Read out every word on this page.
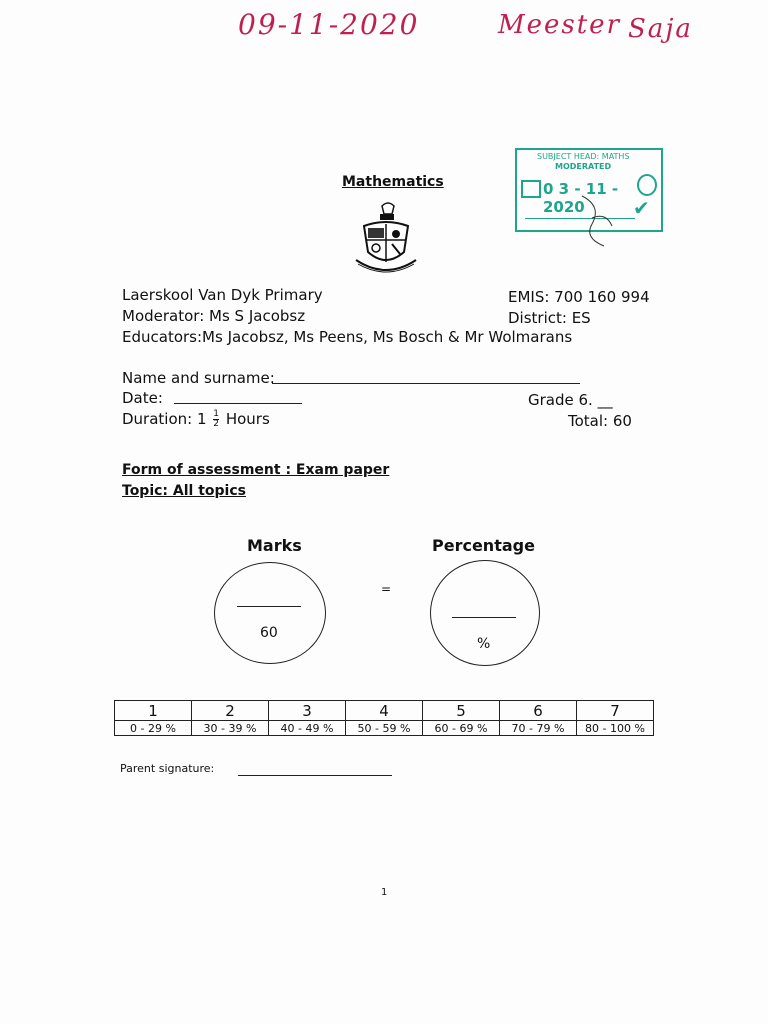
09-11-2020	Meester Saja
Mathematics
SUBJECT HEAD: MATHS
MODERATED
0 3 - 11 - 2020	✔
Laerskool Van Dyk Primary
Moderator: Ms S Jacobsz
Educators:Ms Jacobsz, Ms Peens, Ms Bosch & Mr Wolmarans
EMIS: 700 160 994
District: ES
Name and surname:
Date:
Duration: $1 \frac{1}{2}$ Hours
Grade 6. __
Total: 60
Form of assessment : Exam paper
Topic: All topics
Marks	Percentage
60
=
%
1	2	3	4	5	6	7
0 - 29 %	30 - 39 %	40 - 49 %	50 - 59 %	60 - 69 %	70 - 79 %	80 - 100 %
Parent signature:
1
